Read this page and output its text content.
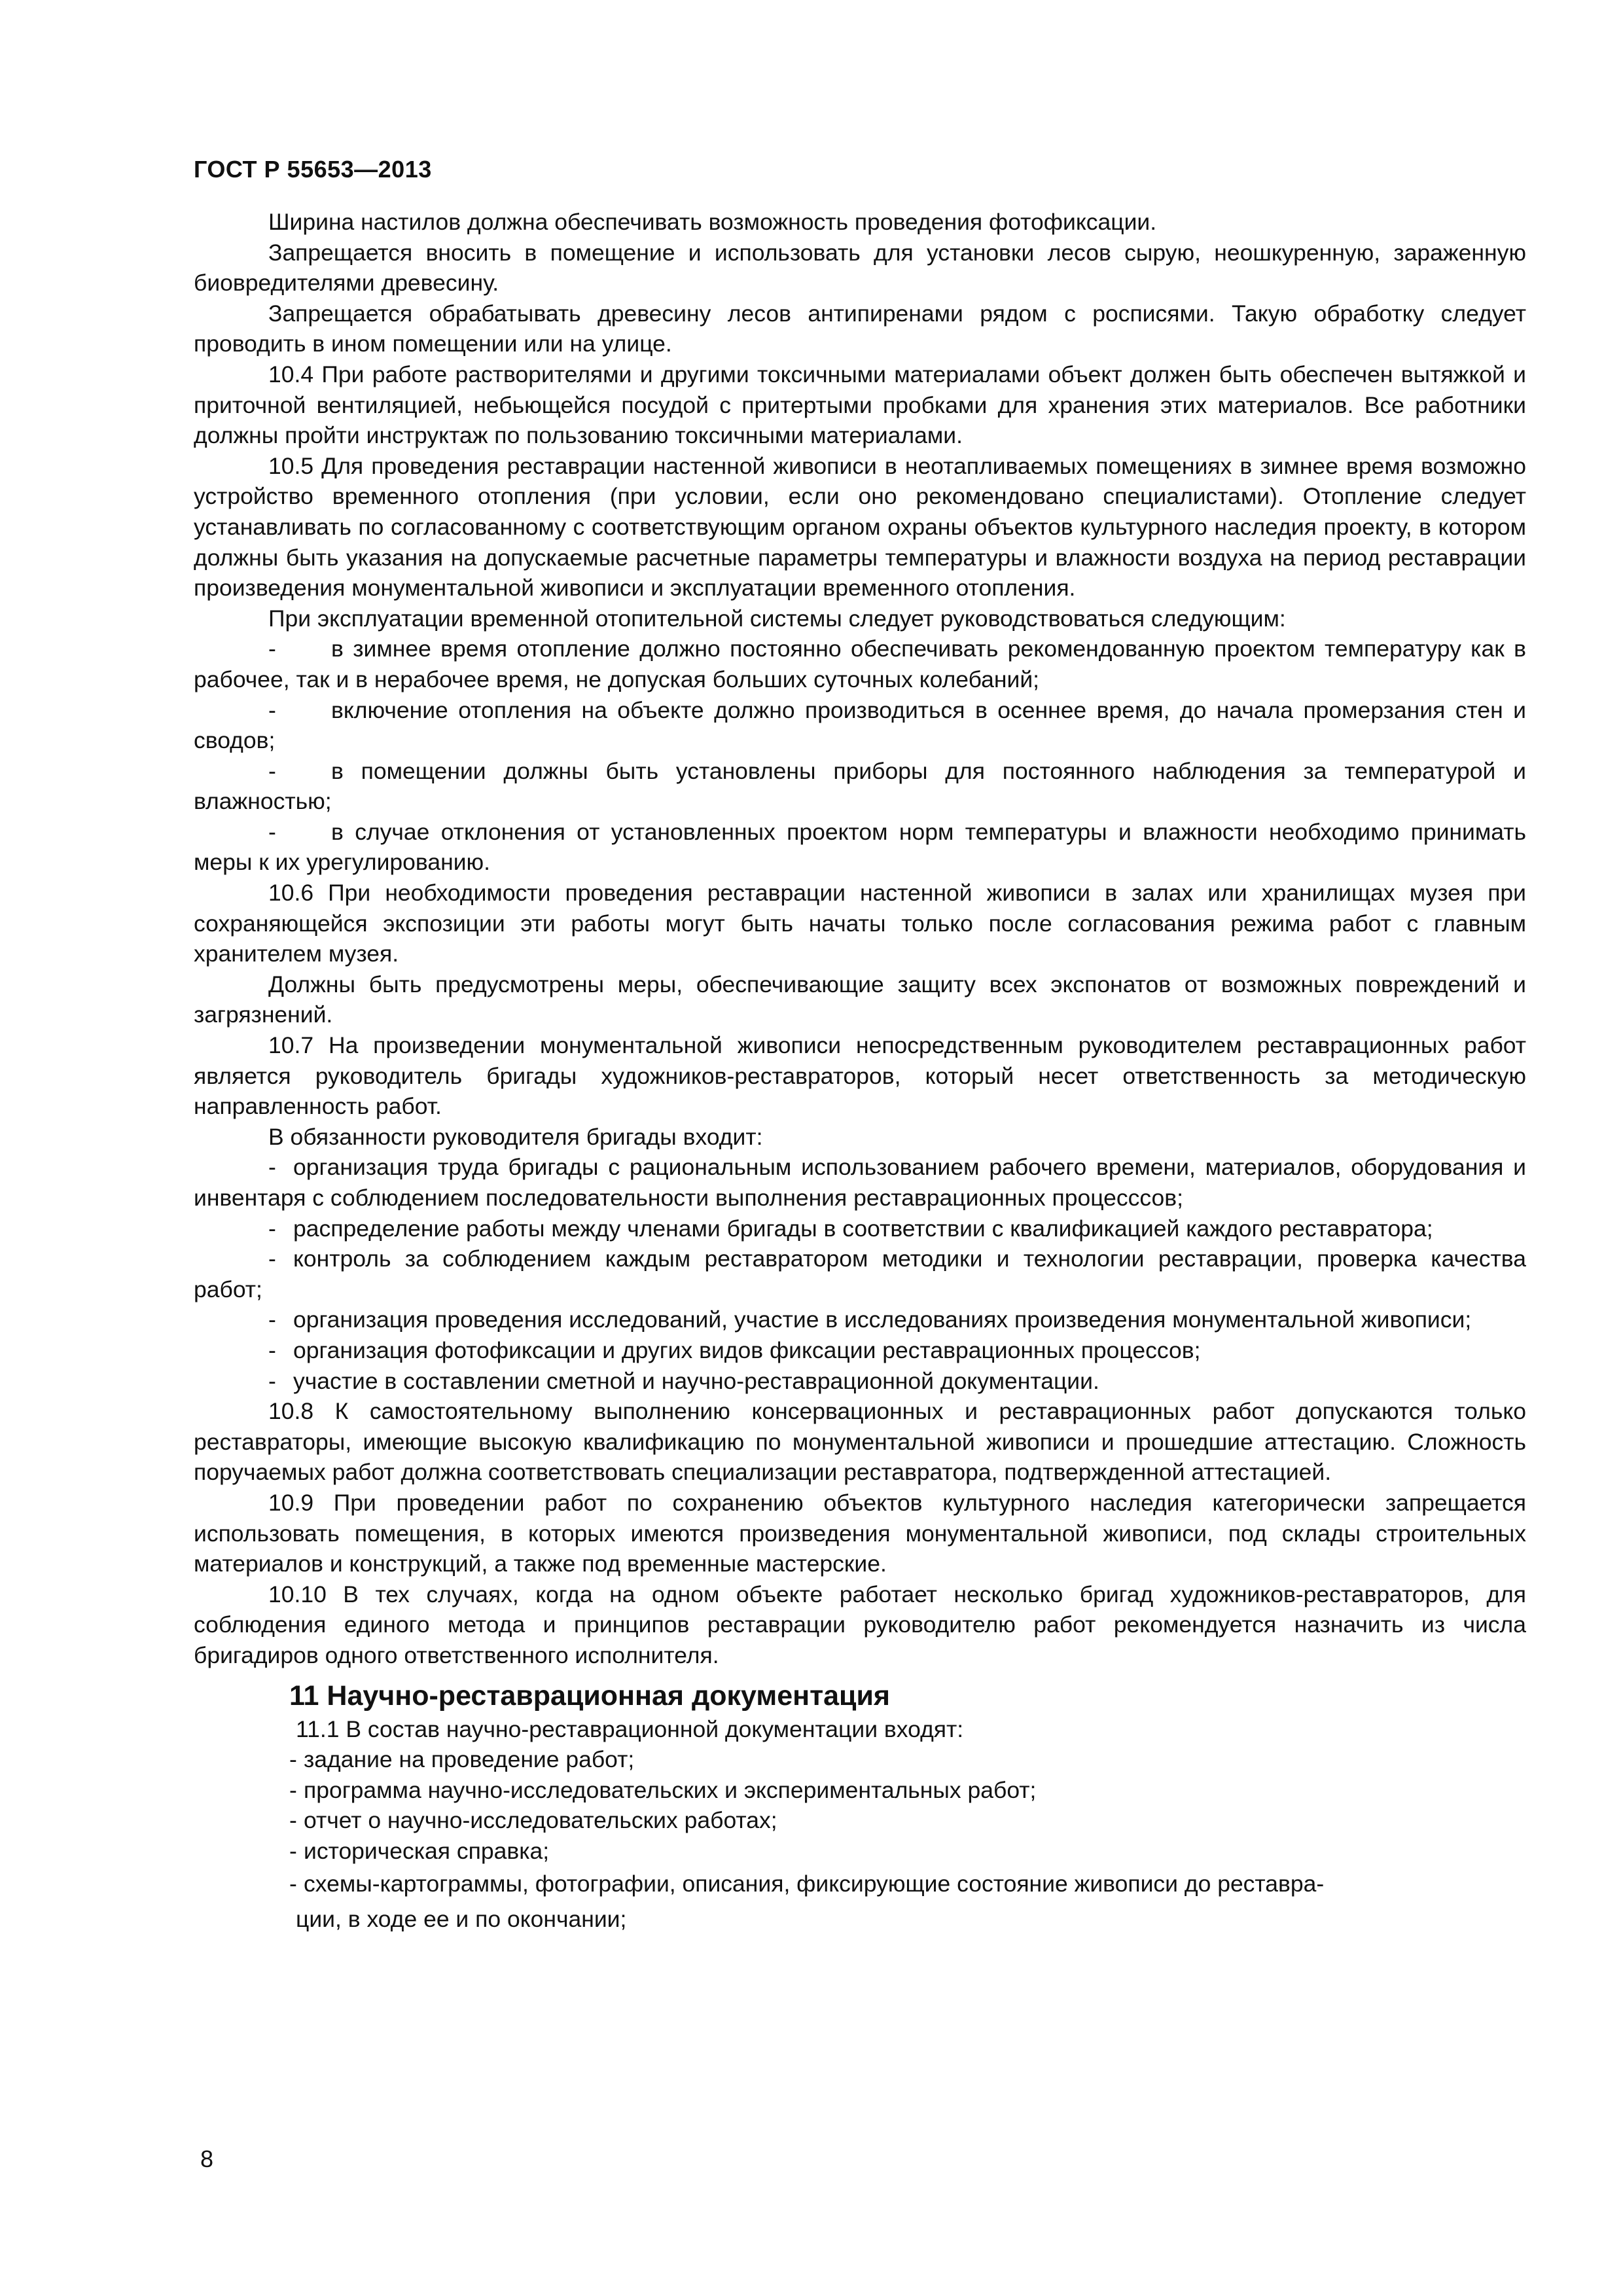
ГОСТ Р 55653—2013

Ширина настилов должна обеспечивать возможность проведения фотофиксации.

Запрещается вносить в помещение и использовать для установки лесов сырую, неошкуренную, зараженную биовредителями древесину.

Запрещается обрабатывать древесину лесов антипиренами рядом с росписями. Такую обработку следует проводить в ином помещении или на улице.

10.4 При работе растворителями и другими токсичными материалами объект должен быть обеспечен вытяжкой и приточной вентиляцией, небьющейся посудой с притертыми пробками для хранения этих материалов. Все работники должны пройти инструктаж по пользованию токсичными материалами.

10.5 Для проведения реставрации настенной живописи в неотапливаемых помещениях в зимнее время возможно устройство временного отопления (при условии, если оно рекомендовано специалистами). Отопление следует устанавливать по согласованному с соответствующим органом охраны объектов культурного наследия проекту, в котором должны быть указания на допускаемые расчетные параметры температуры и влажности воздуха на период реставрации произведения монументальной живописи и эксплуатации временного отопления.

При эксплуатации временной отопительной системы следует руководствоваться следующим:

- в зимнее время отопление должно постоянно обеспечивать рекомендованную проектом температуру как в рабочее, так и в нерабочее время, не допуская больших суточных колебаний;

- включение отопления на объекте должно производиться в осеннее время, до начала промерзания стен и сводов;

- в помещении должны быть установлены приборы для постоянного наблюдения за температурой и влажностью;

- в случае отклонения от установленных проектом норм температуры и влажности необходимо принимать меры к их урегулированию.

10.6 При необходимости проведения реставрации настенной живописи в залах или хранилищах музея при сохраняющейся экспозиции эти работы могут быть начаты только после согласования режима работ с главным хранителем музея.

Должны быть предусмотрены меры, обеспечивающие защиту всех экспонатов от возможных повреждений и загрязнений.

10.7 На произведении монументальной живописи непосредственным руководителем реставрационных работ является руководитель бригады художников-реставраторов, который несет ответственность за методическую направленность работ.

В обязанности руководителя бригады входит:

- организация труда бригады с рациональным использованием рабочего времени, материалов, оборудования и инвентаря с соблюдением последовательности выполнения реставрационных процесссов;

- распределение работы между членами бригады в соответствии с квалификацией каждого реставратора;

- контроль за соблюдением каждым реставратором методики и технологии реставрации, проверка качества работ;

- организация проведения исследований, участие в исследованиях произведения монументальной живописи;

- организация фотофиксации и других видов фиксации реставрационных процессов;

- участие в составлении сметной и научно-реставрационной документации.

10.8 К самостоятельному выполнению консервационных и реставрационных работ допускаются только реставраторы, имеющие высокую квалификацию по монументальной живописи и прошедшие аттестацию. Сложность поручаемых работ должна соответствовать специализации реставратора, подтвержденной аттестацией.

10.9 При проведении работ по сохранению объектов культурного наследия категорически запрещается использовать помещения, в которых имеются произведения монументальной живописи, под склады строительных материалов и конструкций, а также под временные мастерские.

10.10 В тех случаях, когда на одном объекте работает несколько бригад художников-реставраторов, для соблюдения единого метода и принципов реставрации руководителю работ рекомендуется назначить из числа бригадиров одного ответственного исполнителя.

11 Научно-реставрационная документация

11.1 В состав научно-реставрационной документации входят:

- задание на проведение работ;

- программа научно-исследовательских и экспериментальных работ;

- отчет о научно-исследовательских работах;

- историческая справка;

- схемы-картограммы, фотографии, описания, фиксирующие состояние живописи до реставра-
ции, в ходе ее и по окончании;

8
